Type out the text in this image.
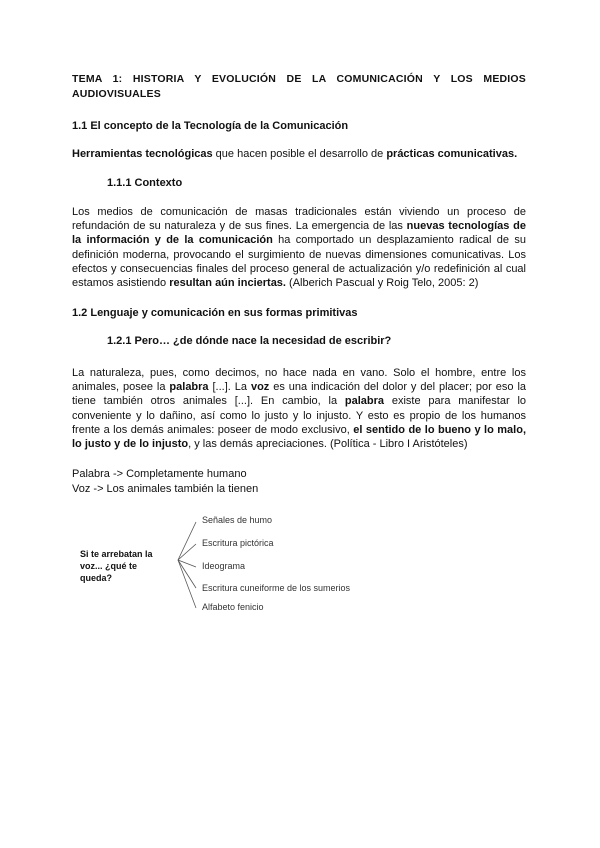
TEMA 1: HISTORIA Y EVOLUCIÓN DE LA COMUNICACIÓN Y LOS MEDIOS AUDIOVISUALES

1.1 El concepto de la Tecnología de la Comunicación

Herramientas tecnológicas que hacen posible el desarrollo de prácticas comunicativas.

1.1.1 Contexto

Los medios de comunicación de masas tradicionales están viviendo un proceso de refundación de su naturaleza y de sus fines. La emergencia de las nuevas tecnologías de la información y de la comunicación ha comportado un desplazamiento radical de su definición moderna, provocando el surgimiento de nuevas dimensiones comunicativas. Los efectos y consecuencias finales del proceso general de actualización y/o redefinición al cual estamos asistiendo resultan aún inciertas. (Alberich Pascual y Roig Telo, 2005: 2)

1.2 Lenguaje y comunicación en sus formas primitivas

1.2.1 Pero… ¿de dónde nace la necesidad de escribir?

La naturaleza, pues, como decimos, no hace nada en vano. Solo el hombre, entre los animales, posee la palabra [...]. La voz es una indicación del dolor y del placer; por eso la tiene también otros animales [...]. En cambio, la palabra existe para manifestar lo conveniente y lo dañino, así como lo justo y lo injusto. Y esto es propio de los humanos frente a los demás animales: poseer de modo exclusivo, el sentido de lo bueno y lo malo, lo justo y de lo injusto, y las demás apreciaciones. (Política - Libro I Aristóteles)

Palabra -> Completamente humano

Voz -> Los animales también la tienen

Si te arrebatan la voz... ¿qué te queda?
Señales de humo
Escritura pictórica
Ideograma
Escritura cuneiforme de los sumerios
Alfabeto fenicio
